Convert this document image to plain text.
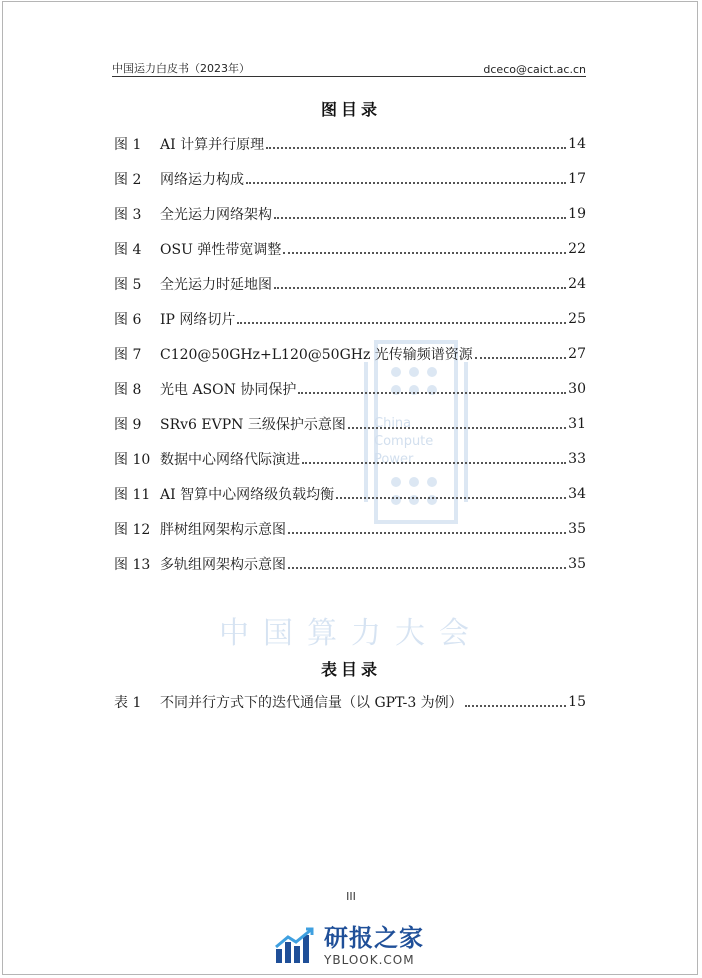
中国运力白皮书（2023年）	dceco@caict.ac.cn
China
Compute
Power
图目录
图 1 AI 计算并行原理	14
图 2 网络运力构成	17
图 3 全光运力网络架构	19
图 4 OSU 弹性带宽调整	22
图 5 全光运力时延地图	24
图 6 IP 网络切片	25
图 7 C120@50GHz+L120@50GHz 光传输频谱资源	27
图 8 光电 ASON 协同保护	30
图 9 SRv6 EVPN 三级保护示意图	31
图 10 数据中心网络代际演进	33
图 11 AI 智算中心网络级负载均衡	34
图 12 胖树组网架构示意图	35
图 13 多轨组网架构示意图	35
中国算力大会
表目录
表 1 不同并行方式下的迭代通信量（以 GPT-3 为例）	15
III
研报之家
YBLOOK.COM
